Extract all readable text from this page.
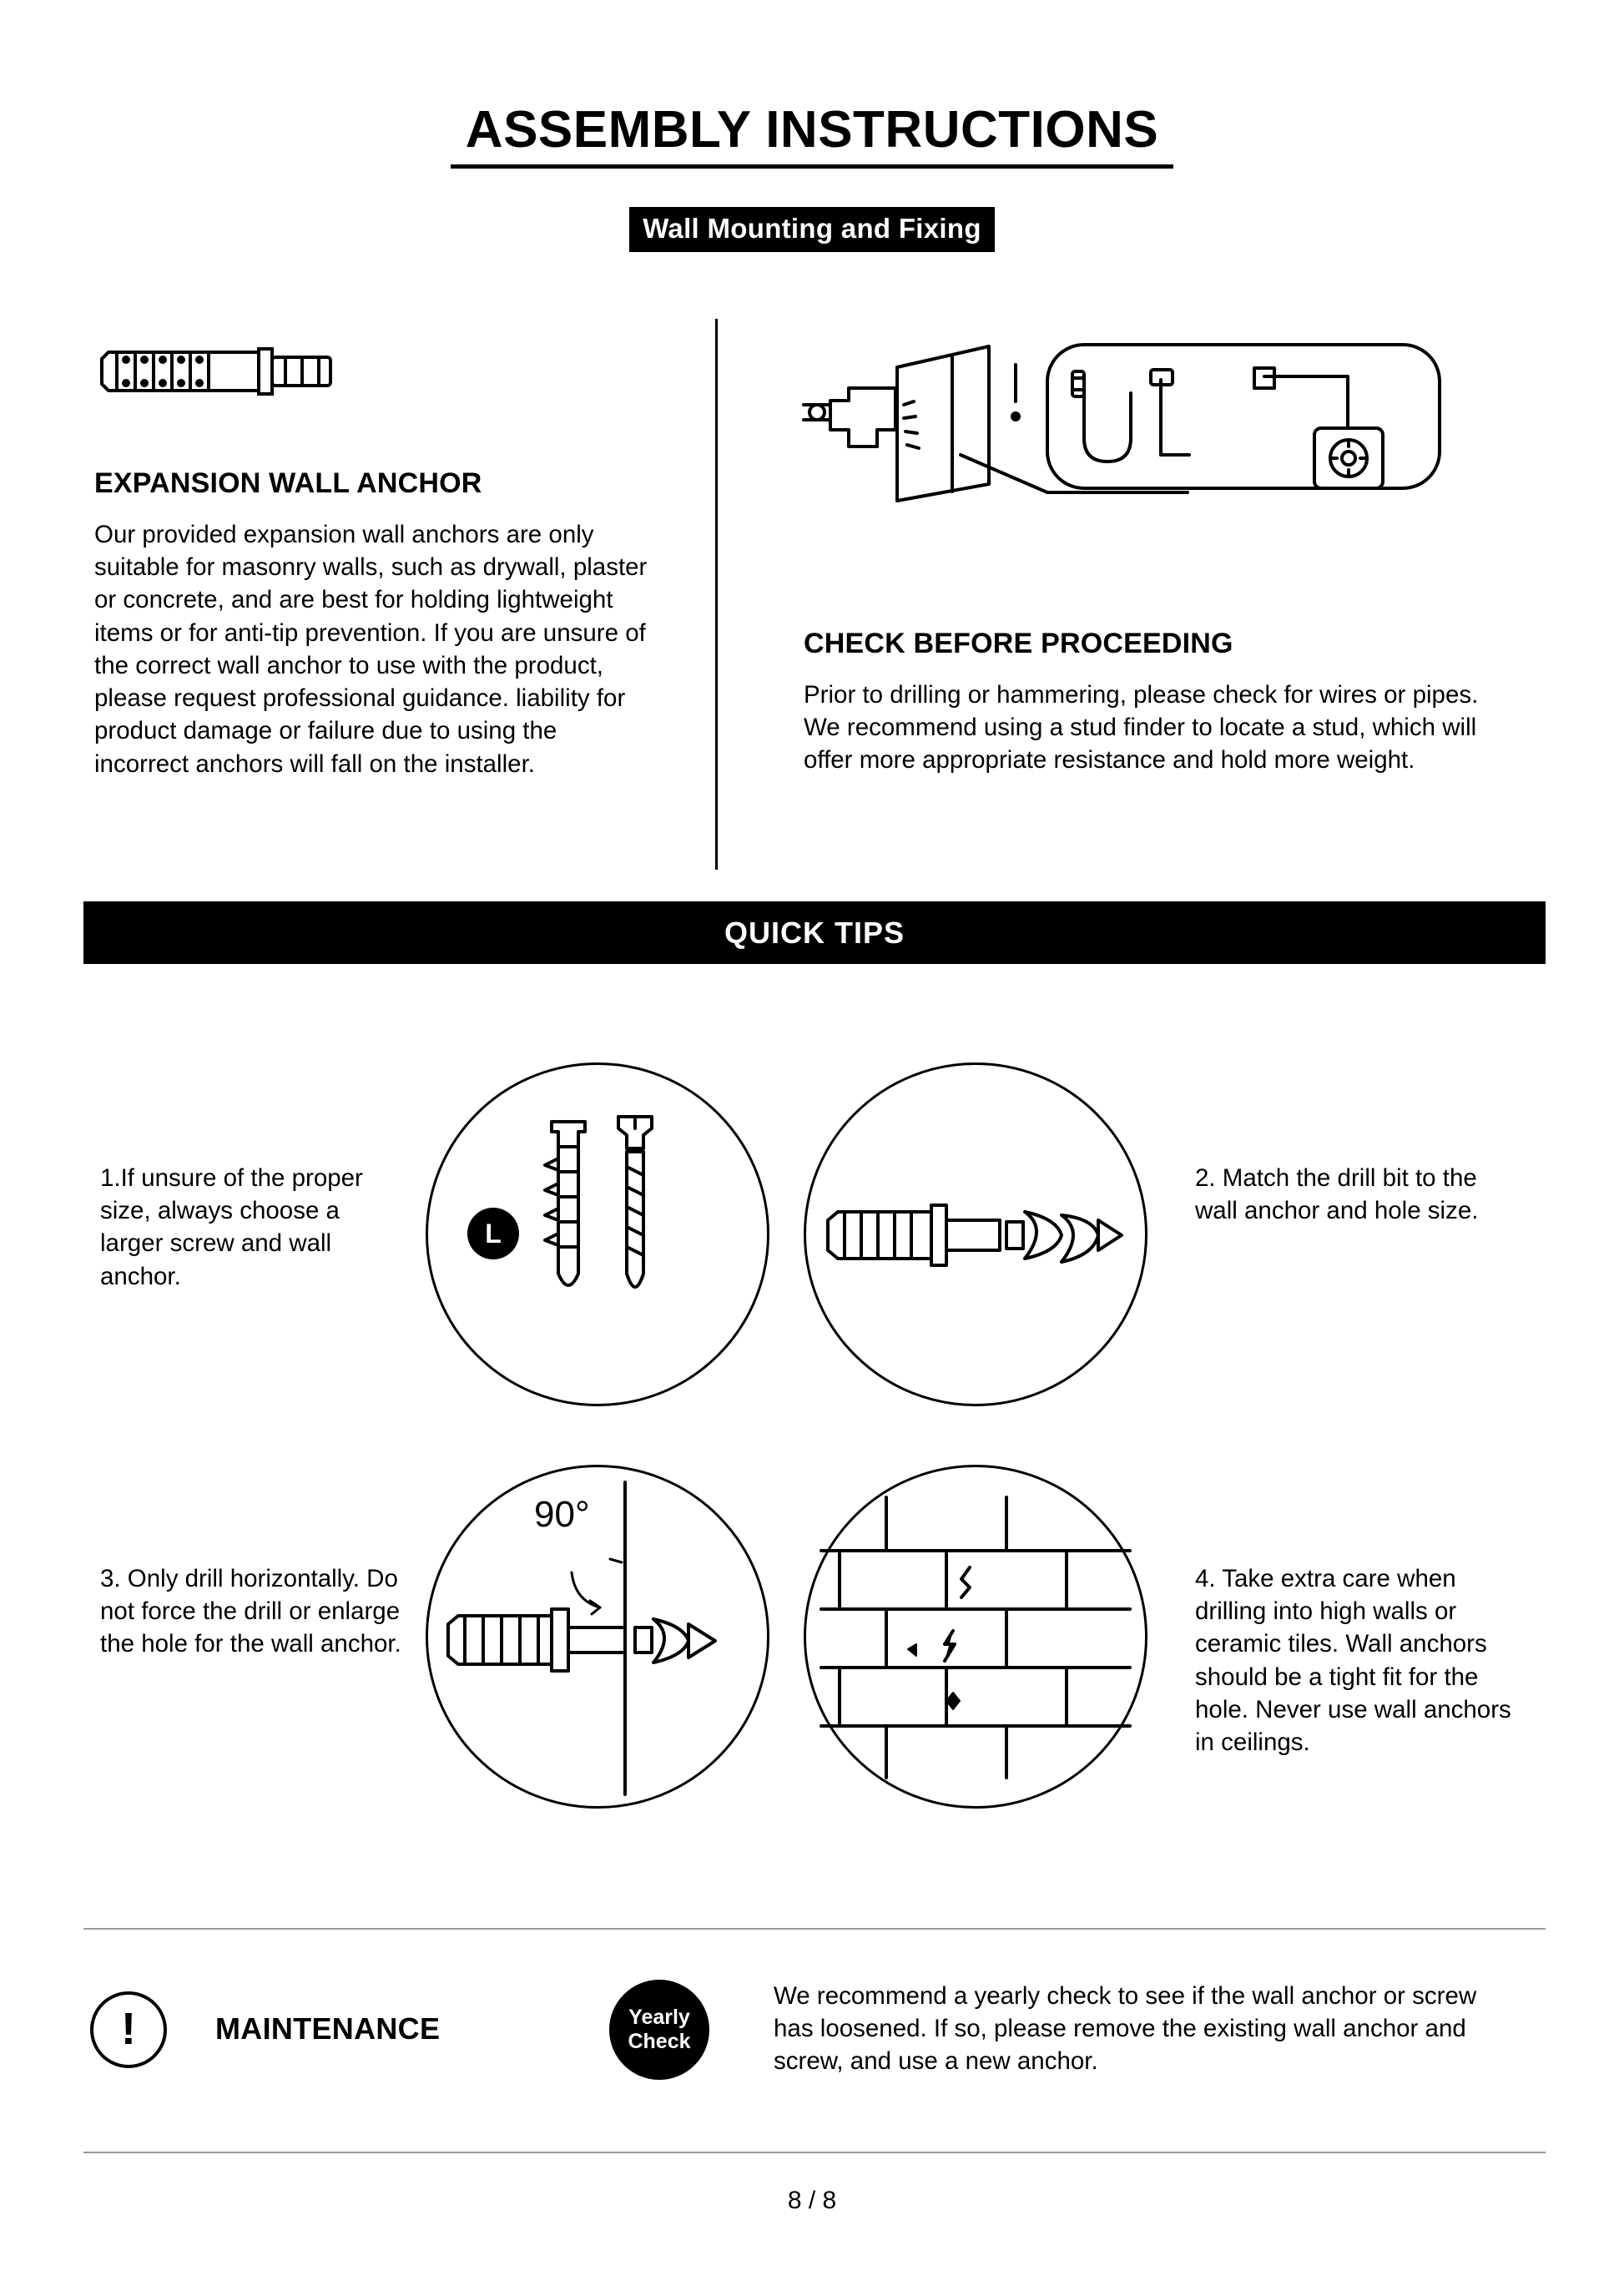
ASSEMBLY INSTRUCTIONS
Wall Mounting and Fixing
EXPANSION WALL ANCHOR

Our provided expansion wall anchors are only suitable for masonry walls, such as drywall, plaster or concrete, and are best for holding lightweight items or for anti-tip prevention. If you are unsure of the correct wall anchor to use with the product, please request professional guidance. liability for product damage or failure due to using the incorrect anchors will fall on the installer.

CHECK BEFORE PROCEEDING

Prior to drilling or hammering, please check for wires or pipes. We recommend using a stud finder to locate a stud, which will offer more appropriate resistance and hold more weight.

QUICK TIPS
L
1.If unsure of the proper size, always choose a larger screw and wall anchor.
2. Match the drill bit to the wall anchor and hole size.
90°
3. Only drill horizontally. Do not force the drill or enlarge the hole for the wall anchor.
4. Take extra care when drilling into high walls or ceramic tiles. Wall anchors should be a tight fit for the hole. Never use wall anchors in ceilings.
!	MAINTENANCE	Yearly
Check
We recommend a yearly check to see if the wall anchor or screw has loosened. If so, please remove the existing wall anchor and screw, and use a new anchor.
8 / 8
